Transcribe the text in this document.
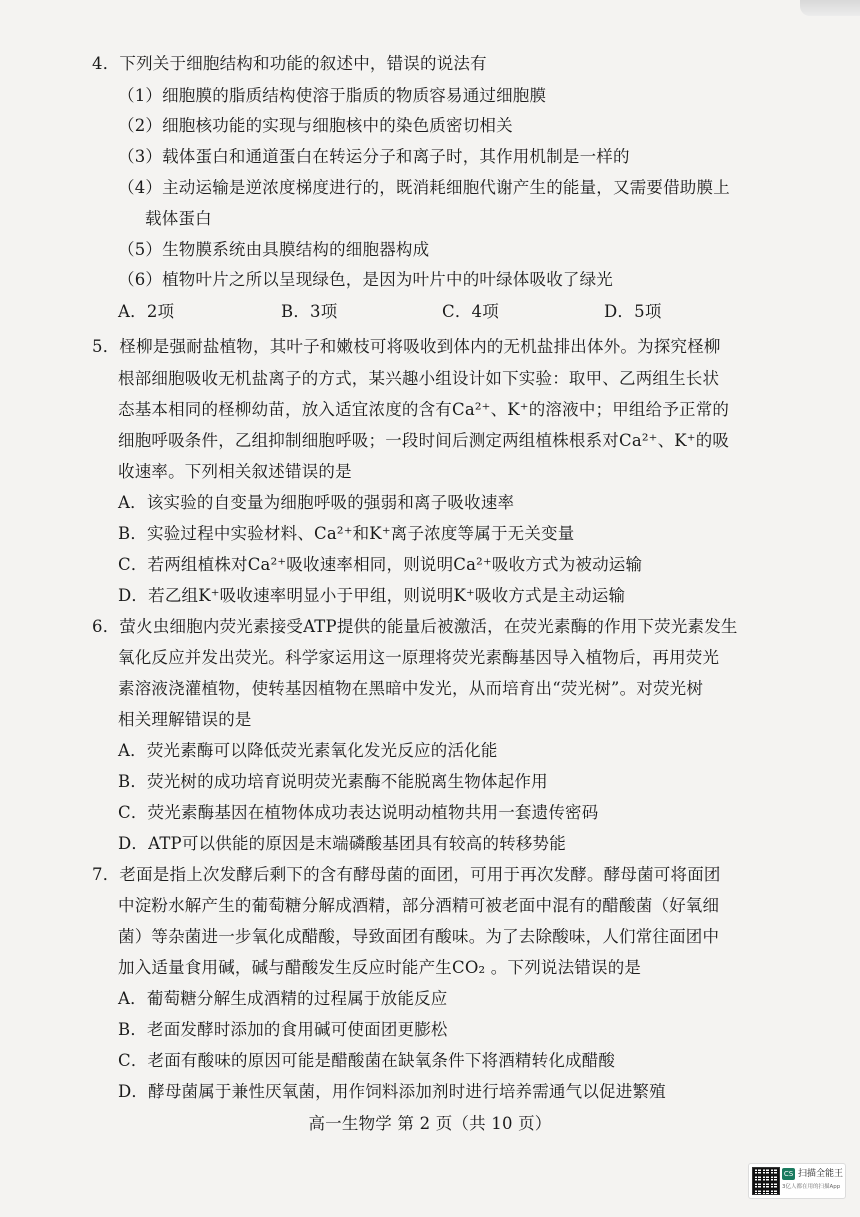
4．下列关于细胞结构和功能的叙述中，错误的说法有
（1）细胞膜的脂质结构使溶于脂质的物质容易通过细胞膜
（2）细胞核功能的实现与细胞核中的染色质密切相关
（3）载体蛋白和通道蛋白在转运分子和离子时，其作用机制是一样的
（4）主动运输是逆浓度梯度进行的，既消耗细胞代谢产生的能量，又需要借助膜上
载体蛋白
（5）生物膜系统由具膜结构的细胞器构成
（6）植物叶片之所以呈现绿色，是因为叶片中的叶绿体吸收了绿光
A．2项	B．3项	C．4项	D．5项
5．柽柳是强耐盐植物，其叶子和嫩枝可将吸收到体内的无机盐排出体外。为探究柽柳
根部细胞吸收无机盐离子的方式，某兴趣小组设计如下实验：取甲、乙两组生长状
态基本相同的柽柳幼苗，放入适宜浓度的含有Ca²⁺、K⁺的溶液中；甲组给予正常的
细胞呼吸条件，乙组抑制细胞呼吸；一段时间后测定两组植株根系对Ca²⁺、K⁺的吸
收速率。下列相关叙述错误的是
A．该实验的自变量为细胞呼吸的强弱和离子吸收速率
B．实验过程中实验材料、Ca²⁺和K⁺离子浓度等属于无关变量
C．若两组植株对Ca²⁺吸收速率相同，则说明Ca²⁺吸收方式为被动运输
D．若乙组K⁺吸收速率明显小于甲组，则说明K⁺吸收方式是主动运输
6．萤火虫细胞内荧光素接受ATP提供的能量后被激活，在荧光素酶的作用下荧光素发生
氧化反应并发出荧光。科学家运用这一原理将荧光素酶基因导入植物后，再用荧光
素溶液浇灌植物，使转基因植物在黑暗中发光，从而培育出“荧光树”。对荧光树
相关理解错误的是
A．荧光素酶可以降低荧光素氧化发光反应的活化能
B．荧光树的成功培育说明荧光素酶不能脱离生物体起作用
C．荧光素酶基因在植物体成功表达说明动植物共用一套遗传密码
D．ATP可以供能的原因是末端磷酸基团具有较高的转移势能
7．老面是指上次发酵后剩下的含有酵母菌的面团，可用于再次发酵。酵母菌可将面团
中淀粉水解产生的葡萄糖分解成酒精，部分酒精可被老面中混有的醋酸菌（好氧细
菌）等杂菌进一步氧化成醋酸，导致面团有酸味。为了去除酸味，人们常往面团中
加入适量食用碱，碱与醋酸发生反应时能产生CO₂ 。下列说法错误的是
A．葡萄糖分解生成酒精的过程属于放能反应
B．老面发酵时添加的食用碱可使面团更膨松
C．老面有酸味的原因可能是醋酸菌在缺氧条件下将酒精转化成醋酸
D．酵母菌属于兼性厌氧菌，用作饲料添加剂时进行培养需通气以促进繁殖
高一生物学 第 2 页（共 10 页）
CS 扫描全能王
3亿人都在用的扫描App
